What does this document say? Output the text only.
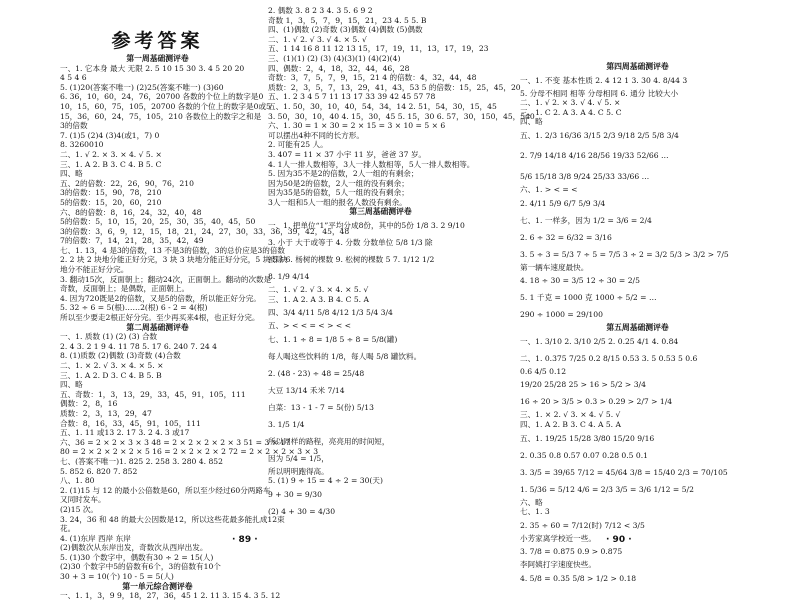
参考答案
第一周基础测评卷
一、1. 它本身 最大 无限 2. 5 10 15 30 3. 4 5 20 20
4 5 4 6
5. (1)20(答案不唯一) (2)25(答案不唯一) (3)60
6. 36，10，60，24，76，20700 各数的个位上的数字是0
10，15，60，75，105，20700 各数的个位上的数字是0或5
15，36，60，24，75，105，210 各数位上的数字之和是
3的倍数
7. (1)5 (2)4 (3)4(或1，7) 0
8. 3260010
二、1. √ 2. × 3. × 4. √ 5. ×
三、1. A 2. B 3. C 4. B 5. C
四、略
五、2的倍数：22，26，90，76，210
3的倍数：15，90，78，210
5的倍数：15，20，60，210
六、8的倍数：8，16，24，32，40，48
5的倍数：5，10，15，20，25，30，35，40，45，50
3的倍数：3，6，9，12，15，18，21，24，27，30，33，36，39，42，45，48
7的倍数：7，14，21，28，35，42，49
七、1. 13，4 是3的倍数，13 不是3的倍数，3的总价应是3的倍数
2. 2 块 2 块地分能正好分完，3 块 3 块地分能正好分完，5 块 5 块
地分不能正好分完。
3. 翻动15次，反面朝上；翻动24次，正面朝上。翻动的次数是
奇数，反面朝上；是偶数，正面朝上。
4. 因为720既是2的倍数，又是5的倍数，所以能正好分完。
5. 32 ÷ 6 = 5(根)……2(根) 6 - 2 = 4(根)
所以至少要走2根正好分完。至少再买来4根，也正好分完。
第二周基础测评卷
一、1. 质数 (1) (2) (3) 合数
2. 4 3. 2 1 9 4. 11 78 5. 17 6. 240 7. 24 4
8. (1)质数 (2)偶数 (3)奇数 (4)合数
二、1. × 2. √ 3. × 4. × 5. ×
三、1. A 2. D 3. C 4. B 5. B
四、略
五、奇数：1，3，13，29，33，45，91，105，111
偶数：2，8，16
质数：2，3，13，29，47
合数：8，16，33，45，91，105，111
五、1. 11 或13 2. 17 3. 2 4. 3 或17
六、36 = 2 × 2 × 3 × 3 48 = 2 × 2 × 2 × 2 × 3 51 = 3 × 17
80 = 2 × 2 × 2 × 2 × 5 16 = 2 × 2 × 2 × 2 72 = 2 × 2 × 2 × 3 × 3
七、(答案不唯一)1. 825 2. 258 3. 280 4. 852
5. 852 6. 820 7. 852
八、1. 80
2. (1)15 与 12 的最小公倍数是60，所以至少经过60分两路车
又同时发车。
(2)15 次。
3. 24，36 和 48 的最大公因数是12，所以这些花最多能扎成12束
花。
4. (1)东岸 西岸 东岸
(2)偶数次从东岸出发，奇数次从西岸出发。
5. (1)30 个数字中，偶数有30 ÷ 2 = 15(人)
(2)30 个数字中5的倍数有6个，3的倍数有10个
30 + 3 = 10(个) 10 - 5 = 5(人)
第一单元综合测评卷
一、1. 1，3，9 9，18，27，36，45 1 2. 11 3. 15 4. 3 5. 12
2. 偶数 3. 8 2 3 4. 3 5. 6 9 2
奇数 1，3，5，7，9，15，21，23 4. 5 5. B
四、(1)偶数 (2)奇数 (3)偶数 (4)偶数 (5)偶数
二、1. √ 2. √ 3. √ 4. × 5. √
五、1 14 16 8 11 12 13 15，17，19，11，13，17，19，23
三、(1)(1) (2) (3) (4)(3)(1) (4)(2)(4)
四、偶数：2，4，18，32，44，46，28
奇数：3，7，5，7，9，15，21 4 的倍数：4，32，44，48
质数：2，3，5，7，13，29，41，43，53 5 的倍数：15，25，45，20
五、1. 2 3 4 5 7 11 13 17 33 39 42 45 57 78
五、1. 50，30，10，40，54，34，14 2. 51，54，30，15，45
3. 50，30，10，40 4. 15，30，45 5. 15，30 6. 57，30，150，45，540
六、1. 30 = 1 × 30 = 2 × 15 = 3 × 10 = 5 × 6
可以摆出4种不同的长方形。
2. 可能有25 人。
3. 407 = 11 × 37 小宇 11 岁，爸爸 37 岁。
4. 1人一排人数相等，3人一排人数相等，5人一排人数相等。
5. 因为35不是2的倍数，2人一组的有剩余；
因为50是2的倍数，2人一组的没有剩余；
因为35是5的倍数，5人一组的没有剩余；
3人一组和5人一组的报名人数没有剩余。
第三周基础测评卷
一、1. 把单位“1”平均分成8份，其中的5份 1/8 3. 2 9/10
3. 小于 大于或等于 4. 分数 分数单位 5/8 1/3 除
被除 6. 杨树的棵数 9. 松树的棵数 5 7. 1/12 1/2
8. 1/9 4/14
二、1. √ 2. √ 3. × 4. × 5. √
三、1. A 2. A 3. B 4. C 5. A
四、3/4 4/11 5/8 4/12 1/3 5/4 3/4
五、> < < = < > < <
七、1. 1 ÷ 8 = 1/8 5 ÷ 8 = 5/8(罐)
每人喝这些饮料的 1/8，每人喝 5/8 罐饮料。
2. (48 - 23) ÷ 48 = 25/48
大豆 13/14 禾米 7/14
白菜：13 - 1 - 7 = 5(份) 5/13
3. 1/5 1/4
所以同样的路程，亮亮用的时间短，
因为 5/4 = 1/5，
所以明明跑得高。
5. (1) 9 ÷ 15 = 4 ÷ 2 = 30(天)
9 + 30 = 9/30
(2) 4 + 30 = 4/30
第四周基础测评卷
一、1. 不变 基本性质 2. 4 12 1 3. 30 4. 8/44 3
5. 分母不相同 相等 分母相同 6. 通分 比较大小
二、1. √ 2. × 3. √ 4. √ 5. ×
三、1. C 2. A 3. A 4. C 5. C
四、略
五、1. 2/3 16/36 3/15 2/3 9/18 2/5 5/8 3/4
2. 7/9 14/18 4/16 28/56 19/33 52/66 …
5/6 15/18 3/8 9/24 25/33 33/66 …
六、1. > < = <
2. 4/11 5/9 6/7 5/9 3/4
七、1. 一样多，因为 1/2 = 3/6 = 2/4
2. 6 ÷ 32 = 6/32 = 3/16
3. 5 ÷ 3 = 5/3 7 ÷ 5 = 7/5 3 ÷ 2 = 3/2 5/3 > 3/2 > 7/5
第一辆车速度最快。
4. 18 ÷ 30 = 3/5 12 ÷ 30 = 2/5
5. 1 千克 = 1000 克 1000 ÷ 5/2 = …
290 ÷ 1000 = 29/100
第五周基础测评卷
一、1. 3/10 2. 3/10 2/5 2. 0.25 4/1 4. 0.84
二、1. 0.375 7/25 0.2 8/15 0.53 3. 5 0.53 5 0.6
0.6 4/5 0.12
19/20 25/28 25 > 16 > 5/2 > 3/4
16 ÷ 20 > 3/5 > 0.3 > 0.29 > 2/7 > 1/4
三、1. × 2. √ 3. × 4. √ 5. √
四、1. A 2. B 3. C 4. A 5. A
五、1. 19/25 15/28 3/80 15/20 9/16
2. 0.35 0.8 0.57 0.07 0.28 0.5 0.1
3. 3/5 = 39/65 7/12 = 45/64 3/8 = 15/40 2/3 = 70/105
1. 5/36 = 5/12 4/6 = 2/3 3/5 = 3/6 1/12 = 5/2
六、略
七、1. 3
2. 35 ÷ 60 = 7/12(时) 7/12 < 3/5
小芳家离学校近一些。
3. 7/8 = 0.875 0.9 > 0.875
李阿姨打字速度快些。
4. 5/8 = 0.35 5/8 > 1/2 > 0.18
· 89 ·	· 90 ·
